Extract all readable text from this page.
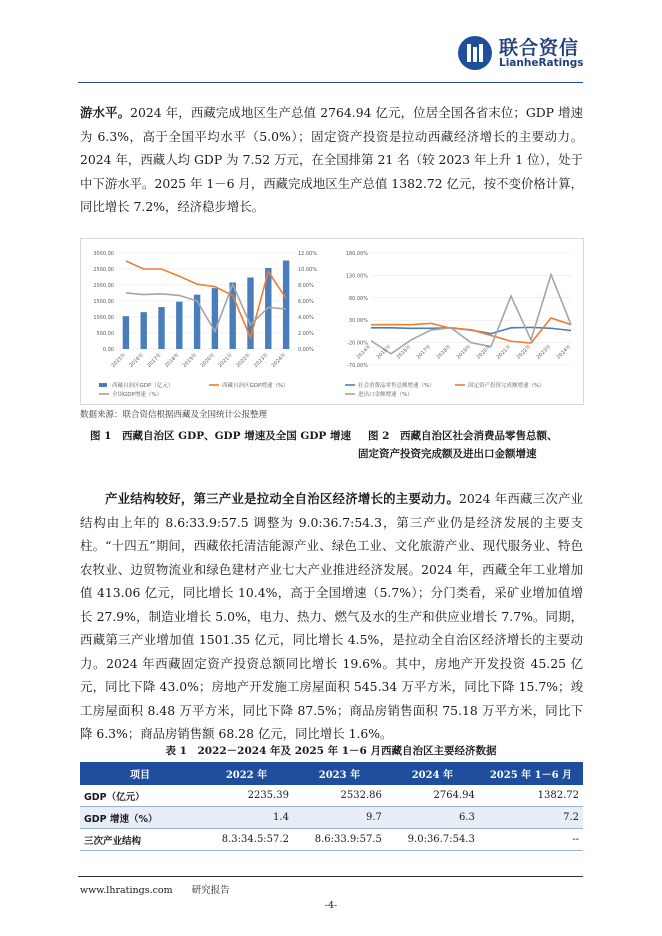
联合资信
LianheRatings
游水平。2024 年，西藏完成地区生产总值 2764.94 亿元，位居全国各省末位；GDP 增速为 6.3%，高于全国平均水平（5.0%）；固定资产投资是拉动西藏经济增长的主要动力。2024 年，西藏人均 GDP 为 7.52 万元，在全国排第 21 名（较 2023 年上升 1 位），处于中下游水平。2025 年 1－6 月，西藏完成地区生产总值 1382.72 亿元，按不变价格计算，同比增长 7.2%，经济稳步增长。
0.00
500.00
1000.00
1500.00
2000.00
2500.00
3000.00
0.00%
2.00%
4.00%
6.00%
8.00%
10.00%
12.00%
2015年 2016年 2017年 2018年 2019年 2020年 2021年 2022年 2023年 2024年
西藏自治区GDP（亿元）	西藏自治区GDP增速（%）
全国GDP增速（%）
-70.00%
-20.00%
30.00%
80.00%
130.00%
180.00%
2014年 2015年 2016年 2017年 2018年 2019年 2020年 2021年 2022年 2023年 2024年
社会消费品零售总额增速（%）	固定资产投资完成额增速（%）
进出口金额增速（%）
数据来源：联合资信根据西藏及全国统计公报整理
图 1　西藏自治区 GDP、GDP 增速及全国 GDP 增速 图 2　西藏自治区社会消费品零售总额、
固定资产投资完成额及进出口金额增速
产业结构较好，第三产业是拉动全自治区经济增长的主要动力。2024 年西藏三次产业结构由上年的 8.6:33.9:57.5 调整为 9.0:36.7:54.3，第三产业仍是经济发展的主要支柱。“十四五”期间，西藏依托清洁能源产业、绿色工业、文化旅游产业、现代服务业、特色农牧业、边贸物流业和绿色建材产业七大产业推进经济发展。2024 年，西藏全年工业增加值 413.06 亿元，同比增长 10.4%，高于全国增速（5.7%）；分门类看，采矿业增加值增长 27.9%，制造业增长 5.0%，电力、热力、燃气及水的生产和供应业增长 7.7%。同期，西藏第三产业增加值 1501.35 亿元，同比增长 4.5%，是拉动全自治区经济增长的主要动力。2024 年西藏固定资产投资总额同比增长 19.6%。其中，房地产开发投资 45.25 亿元，同比下降 43.0%；房地产开发施工房屋面积 545.34 万平方米，同比下降 15.7%；竣工房屋面积 8.48 万平方米，同比下降 87.5%；商品房销售面积 75.18 万平方米，同比下降 6.3%；商品房销售额 68.28 亿元，同比增长 1.6%。
表 1　2022－2024 年及 2025 年 1－6 月西藏自治区主要经济数据
项目	2022 年	2023 年	2024 年	2025 年 1－6 月
GDP（亿元）	2235.39	2532.86	2764.94	1382.72
GDP 增速（%）	1.4	9.7	6.3	7.2
三次产业结构	8.3:34.5:57.2	8.6:33.9:57.5	9.0:36.7:54.3	--
www.lhratings.com　　研究报告
-4-
